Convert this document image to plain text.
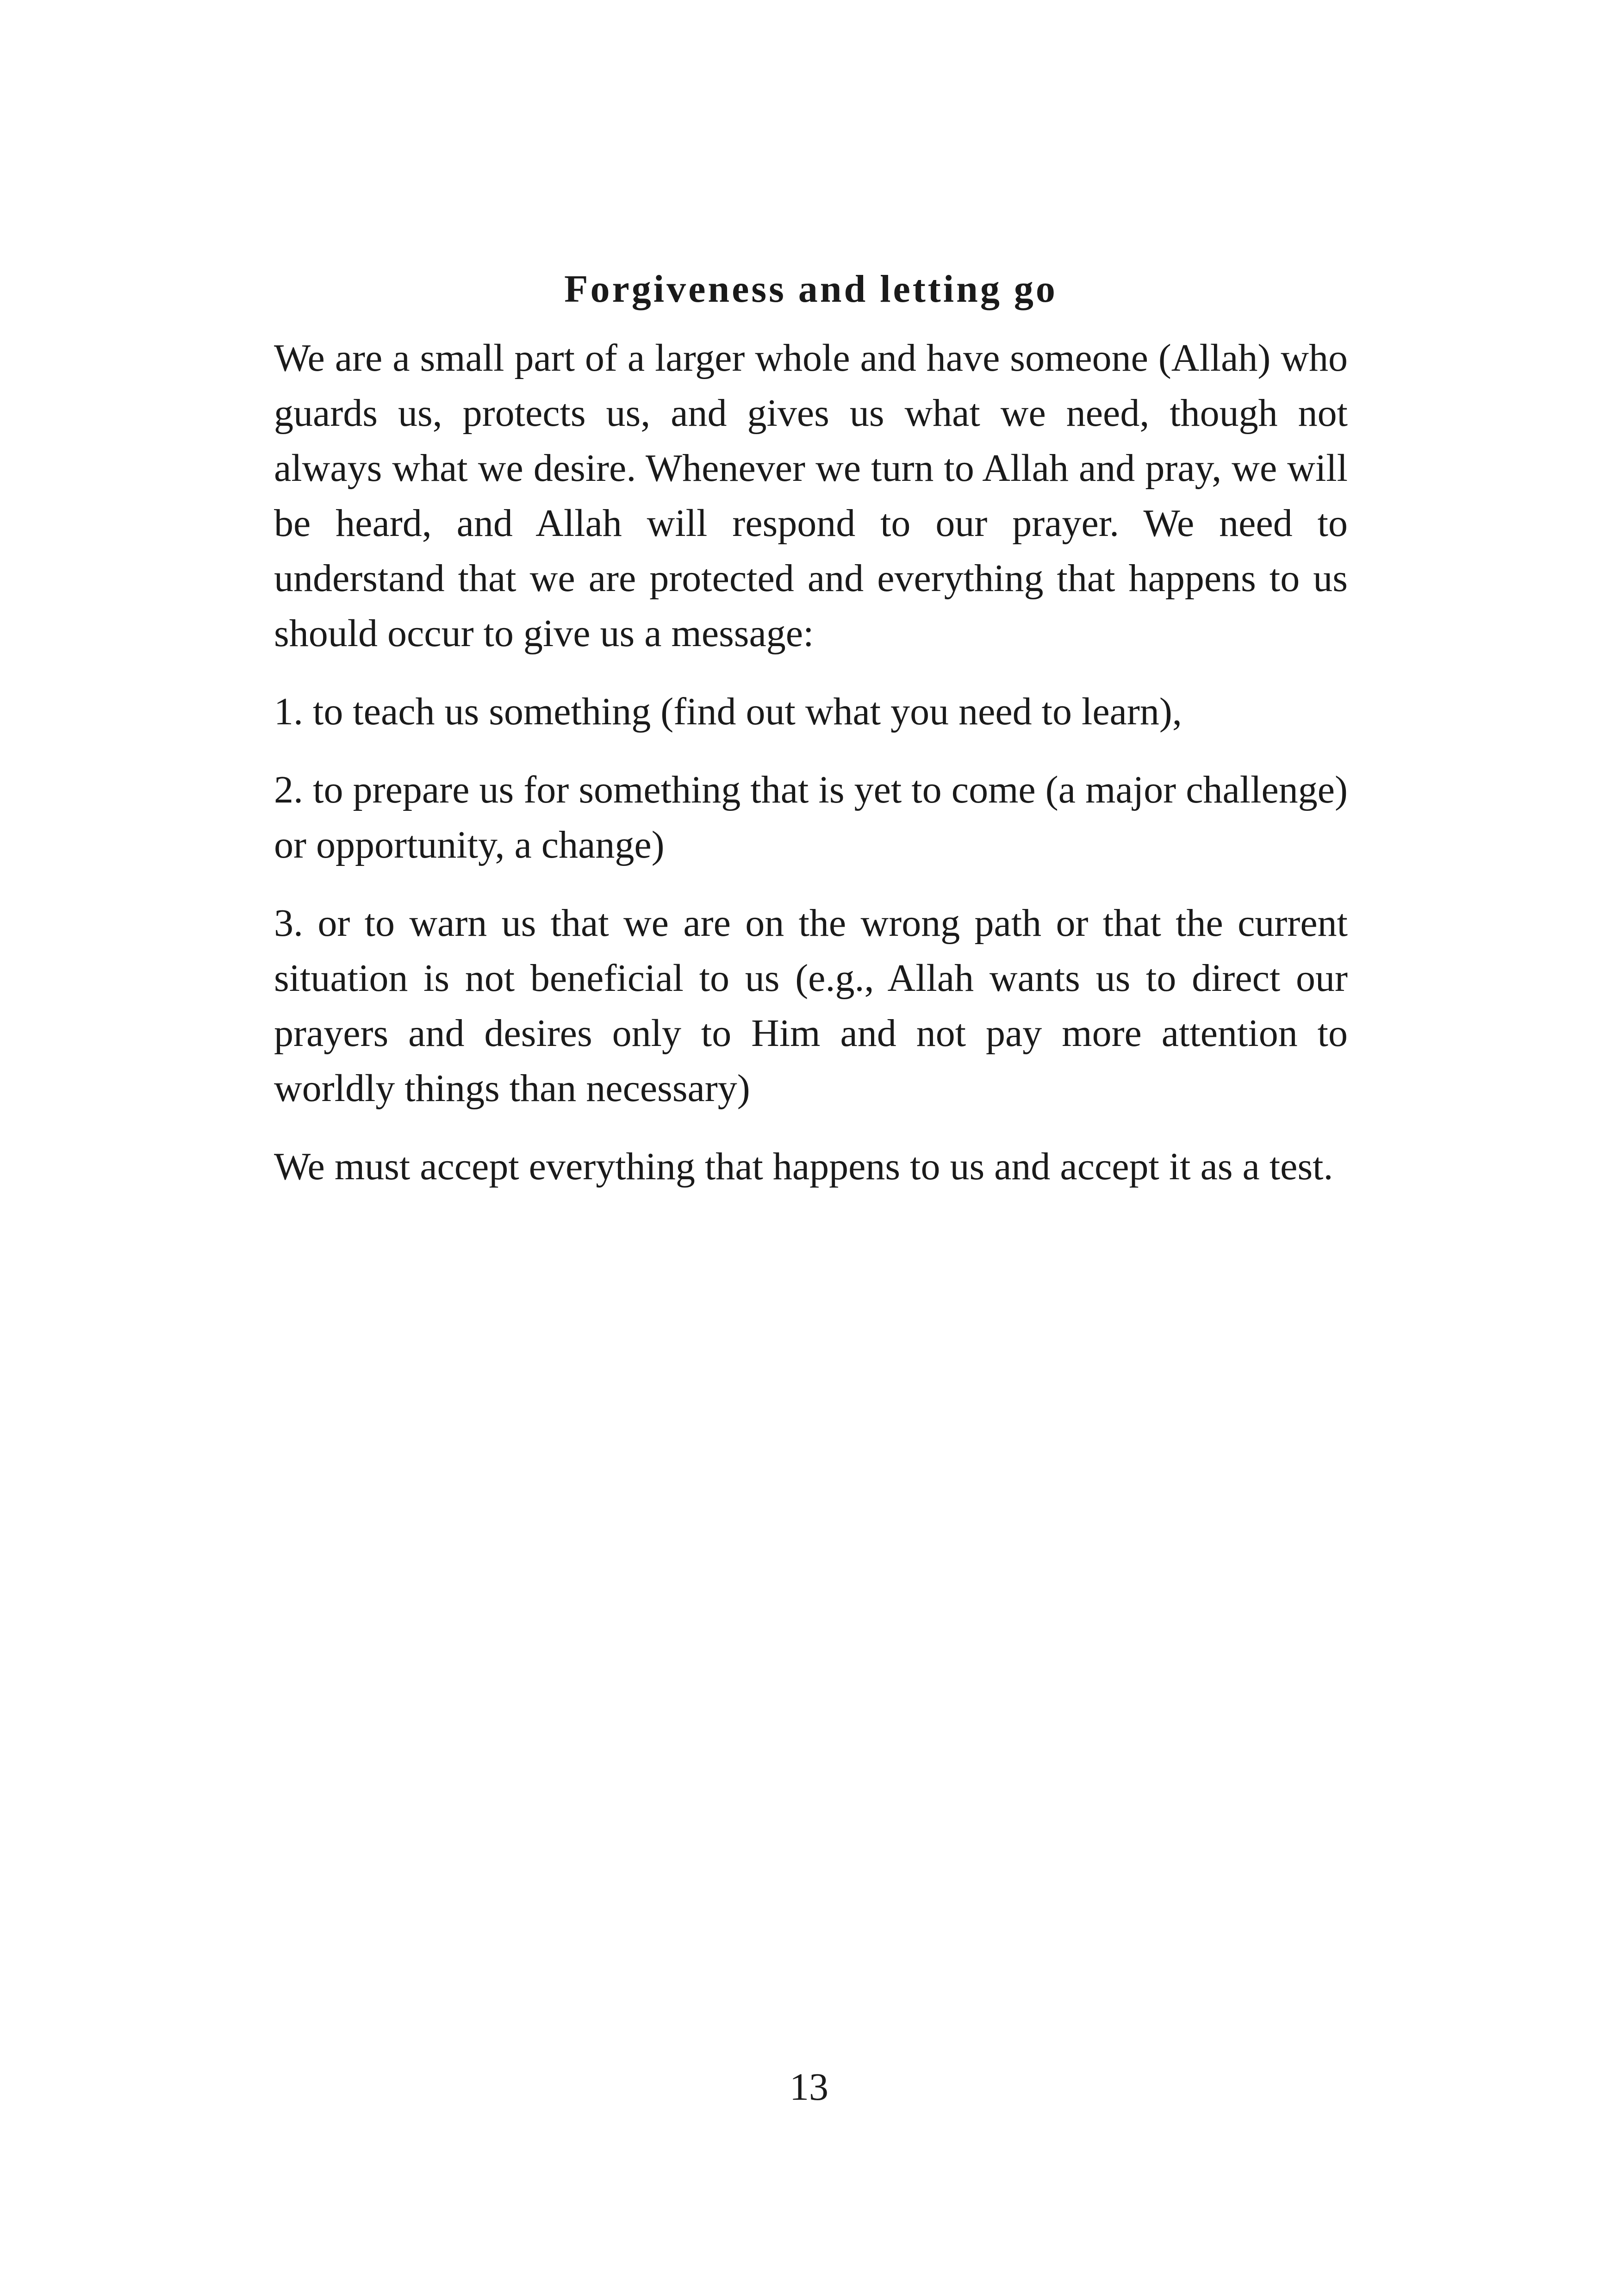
Forgiveness and letting go

We are a small part of a larger whole and have someone (Allah) who guards us, protects us, and gives us what we need, though not always what we desire. Whenever we turn to Allah and pray, we will be heard, and Allah will respond to our prayer. We need to understand that we are protected and everything that happens to us should occur to give us a message:

1. to teach us something (find out what you need to learn),

2. to prepare us for something that is yet to come (a major challenge) or opportunity, a change)

3. or to warn us that we are on the wrong path or that the current situation is not beneficial to us (e.g., Allah wants us to direct our prayers and desires only to Him and not pay more attention to worldly things than necessary)

We must accept everything that happens to us and accept it as a test.

13
